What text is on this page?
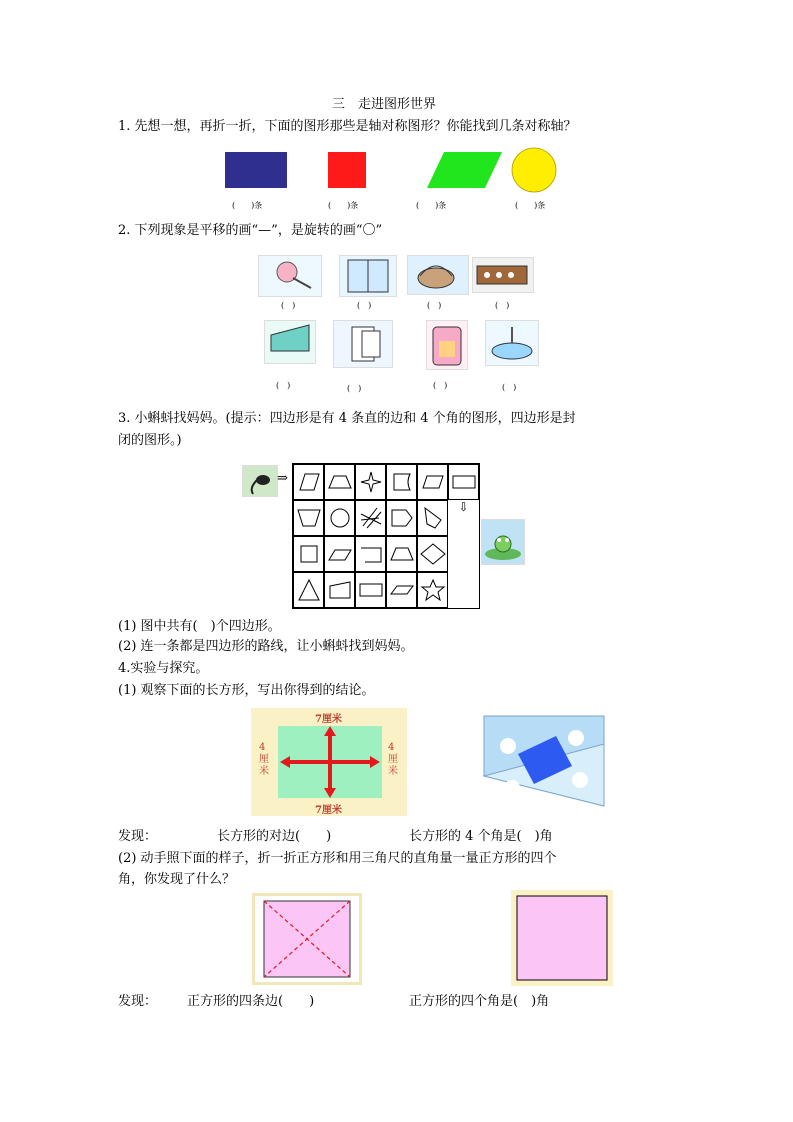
三　走进图形世界
1. 先想一想，再折一折，下面的图形那些是轴对称图形？你能找到几条对称轴？
(　　)条	(　　)条	(　　)条	(　　)条
2. 下列现象是平移的画“—”，是旋转的画“〇”
(　)	(　)	(　)	(　)
(　)	(　)	(　)	(　)
3. 小蝌蚪找妈妈。(提示：四边形是有 4 条直的边和 4 个角的图形，四边形是封
闭的图形。)
⇒
⇩
(1) 图中共有(　)个四边形。
(2) 连一条都是四边形的路线，让小蝌蚪找到妈妈。
4.实验与探究。
(1) 观察下面的长方形，写出你得到的结论。
7厘米
7厘米
4厘米
4厘米
发现：	长方形的对边(　　)	长方形的 4 个角是(　)角
(2) 动手照下面的样子，折一折正方形和用三角尺的直角量一量正方形的四个
角，你发现了什么？
发现： 正方形的四条边(　　)	正方形的四个角是(　)角
